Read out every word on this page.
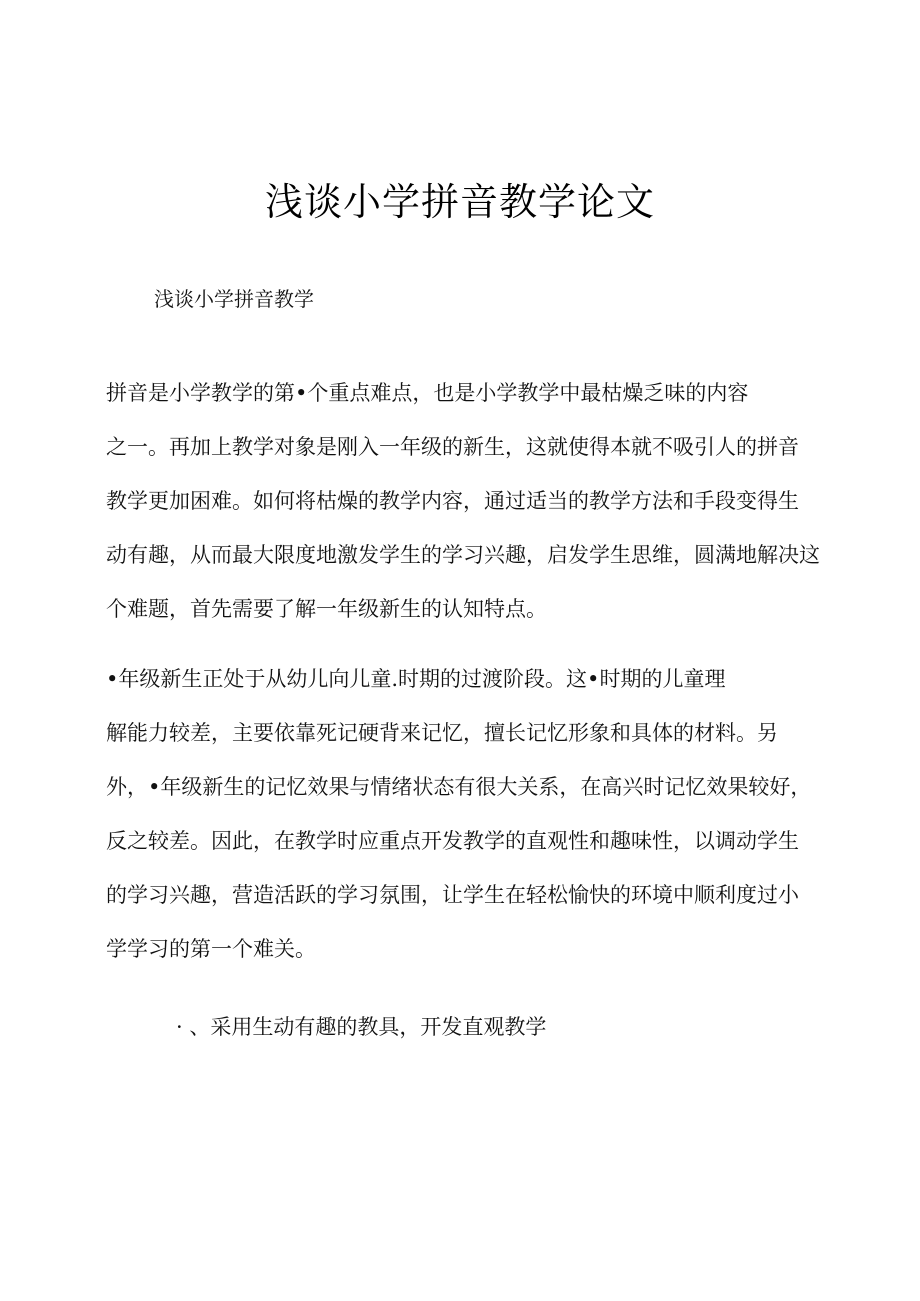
浅谈小学拼音教学论文
浅谈小学拼音教学
拼音是小学教学的第•个重点难点，也是小学教学中最枯燥乏味的内容
之一。再加上教学对象是刚入一年级的新生，这就使得本就不吸引人的拼音
教学更加困难。如何将枯燥的教学内容，通过适当的教学方法和手段变得生
动有趣，从而最大限度地激发学生的学习兴趣，启发学生思维，圆满地解决这
个难题，首先需要了解一年级新生的认知特点。
•年级新生正处于从幼儿向儿童.时期的过渡阶段。这•时期的儿童理
解能力较差，主要依靠死记硬背来记忆，擅长记忆形象和具体的材料。另
外，•年级新生的记忆效果与情绪状态有很大关系，在高兴时记忆效果较好，
反之较差。因此，在教学时应重点开发教学的直观性和趣味性，以调动学生
的学习兴趣，营造活跃的学习氛围，让学生在轻松愉快的环境中顺利度过小
学学习的第一个难关。
· 、采用生动有趣的教具，开发直观教学
